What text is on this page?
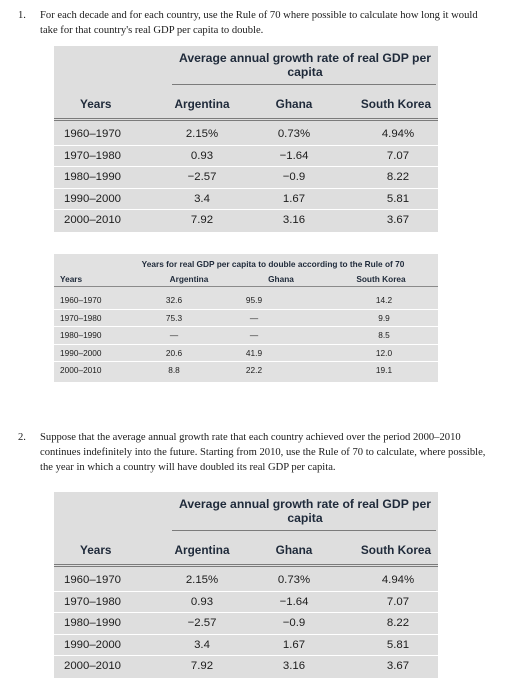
1. For each decade and for each country, use the Rule of 70 where possible to calculate how long it would take for that country's real GDP per capita to double.
Average annual growth rate of real GDP per capita
Years	Argentina	Ghana	South Korea
1960–1970	2.15%	0.73%	4.94%
1970–1980	0.93	−1.64	7.07
1980–1990	−2.57	−0.9	8.22
1990–2000	3.4	1.67	5.81
2000–2010	7.92	3.16	3.67
Years for real GDP per capita to double according to the Rule of 70
Years	Argentina	Ghana	South Korea
1960–1970	32.6	95.9	14.2
1970–1980	75.3	—	9.9
1980–1990	—	—	8.5
1990–2000	20.6	41.9	12.0
2000–2010	8.8	22.2	19.1
2. Suppose that the average annual growth rate that each country achieved over the period 2000–2010 continues indefinitely into the future. Starting from 2010, use the Rule of 70 to calculate, where possible, the year in which a country will have doubled its real GDP per capita.
Average annual growth rate of real GDP per capita
Years	Argentina	Ghana	South Korea
1960–1970	2.15%	0.73%	4.94%
1970–1980	0.93	−1.64	7.07
1980–1990	−2.57	−0.9	8.22
1990–2000	3.4	1.67	5.81
2000–2010	7.92	3.16	3.67
